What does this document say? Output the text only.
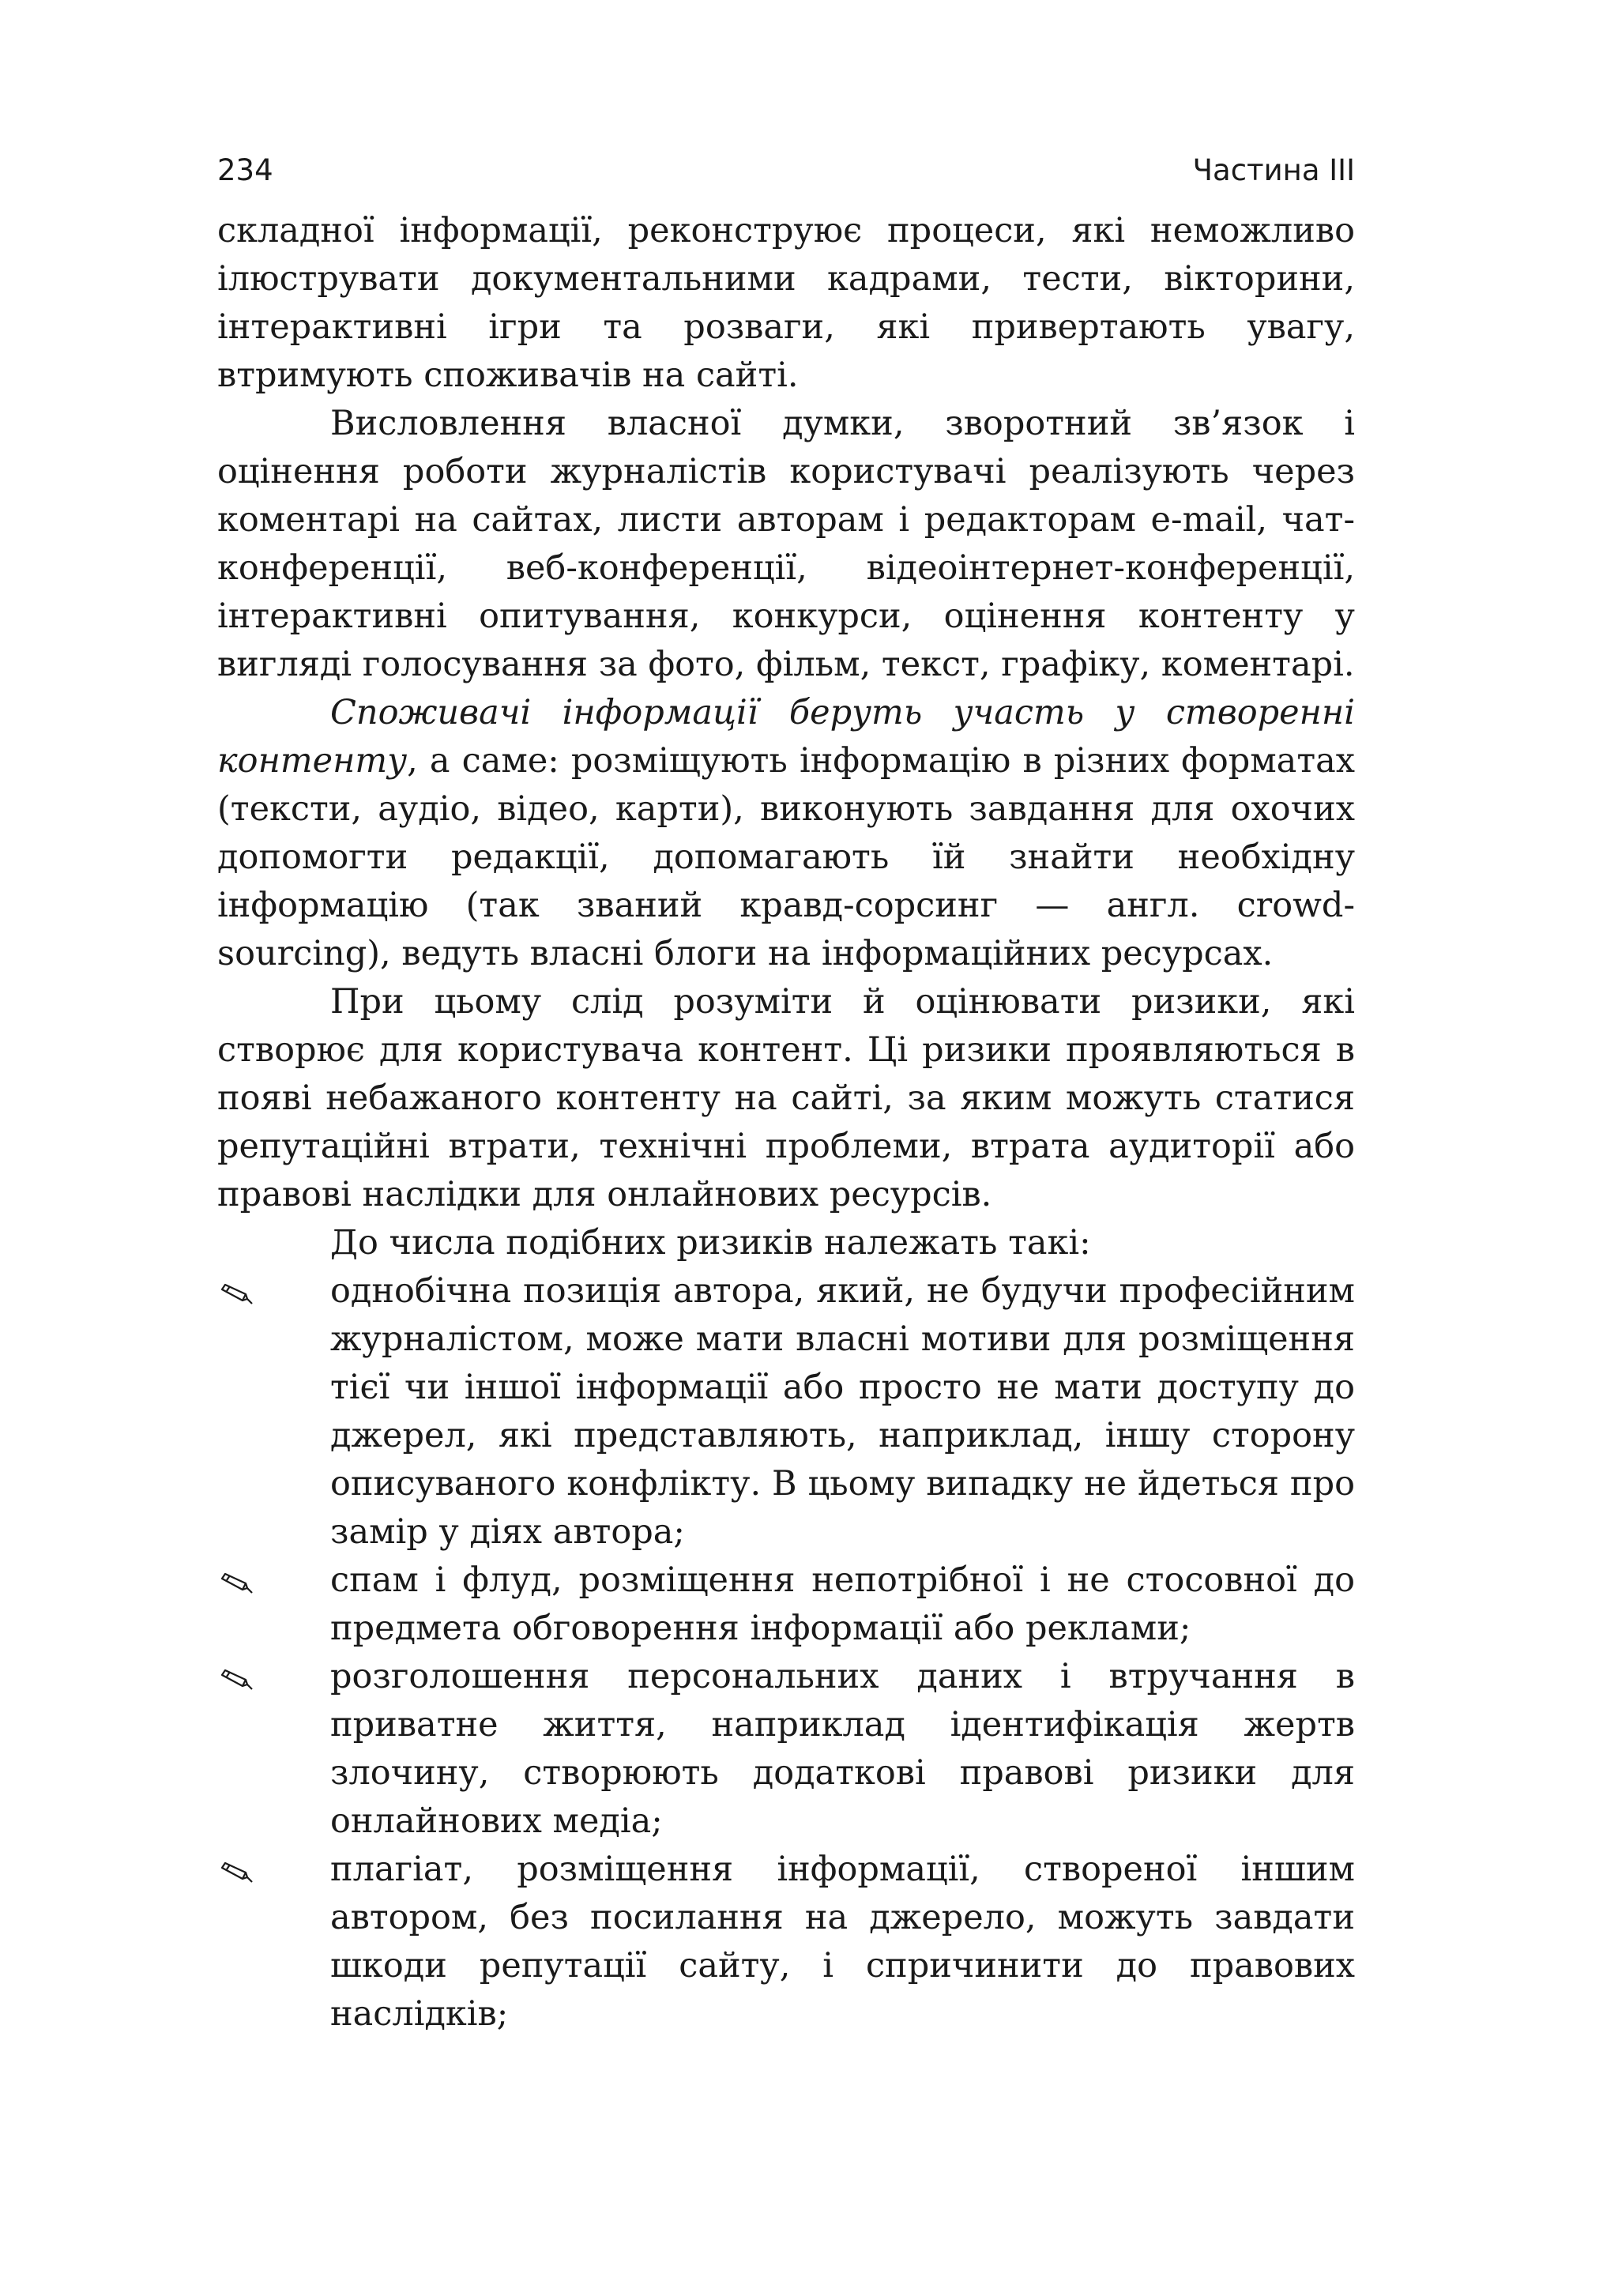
234	Частина III

складної інформації, реконструює процеси, які неможливо ілюструвати документальними кадрами, тести, віктoрини, інтерактивні ігри та розваги, які привертають увагу, втримують споживачів на сайті.

Висловлення власної думки, зворотний зв’язок і оцінення роботи журналістів користувачі реалізують через коментарі на сайтах, листи авторам і редакторам e-mail, чат-конференції, веб-конференції, відеоінтернет-конференції, інтерактивні опитування, конкурси, оцінення контенту у вигляді голосування за фото, фільм, текст, графіку, коментарі.

Споживачі інформації беруть участь у створенні контенту, а саме: розміщують інформацію в різних форматах (тексти, аудіо, відео, карти), виконують завдання для охочих допомогти редакції, допомагають їй знайти необхідну інформацію (так званий кравд-сорсинг — англ. crowd-sourcing), ведуть власні блоги на інформаційних ресурсах.

При цьому слід розуміти й оцінювати ризики, які створює для користувача контент. Ці ризики проявляються в появі небажаного контенту на сайті, за яким можуть статися репутаційні втрати, технічні проблеми, втрата аудиторії або правові наслідки для онлайнових ресурсів.

До числа подібних ризиків належать такі:

однобічна позиція автора, який, не будучи професійним журналістом, може мати власні мотиви для розміщення тієї чи іншої інформації або просто не мати доступу до джерел, які представляють, наприклад, іншу сторону описуваного конфлікту. В цьому випадку не йдеться про замір у діях автора;
спам і флуд, розміщення непотрібної і не стосовної до предмета обговорення інформації або реклами;
розголошення персональних даних і втручання в приватне життя, наприклад ідентифікація жертв злочину, створюють додаткові правові ризики для онлайнових медіа;
плагіат, розміщення інформації, створеної іншим автором, без посилання на джерело, можуть завдати шкоди репутації сайту, і спричинити до правових наслідків;
